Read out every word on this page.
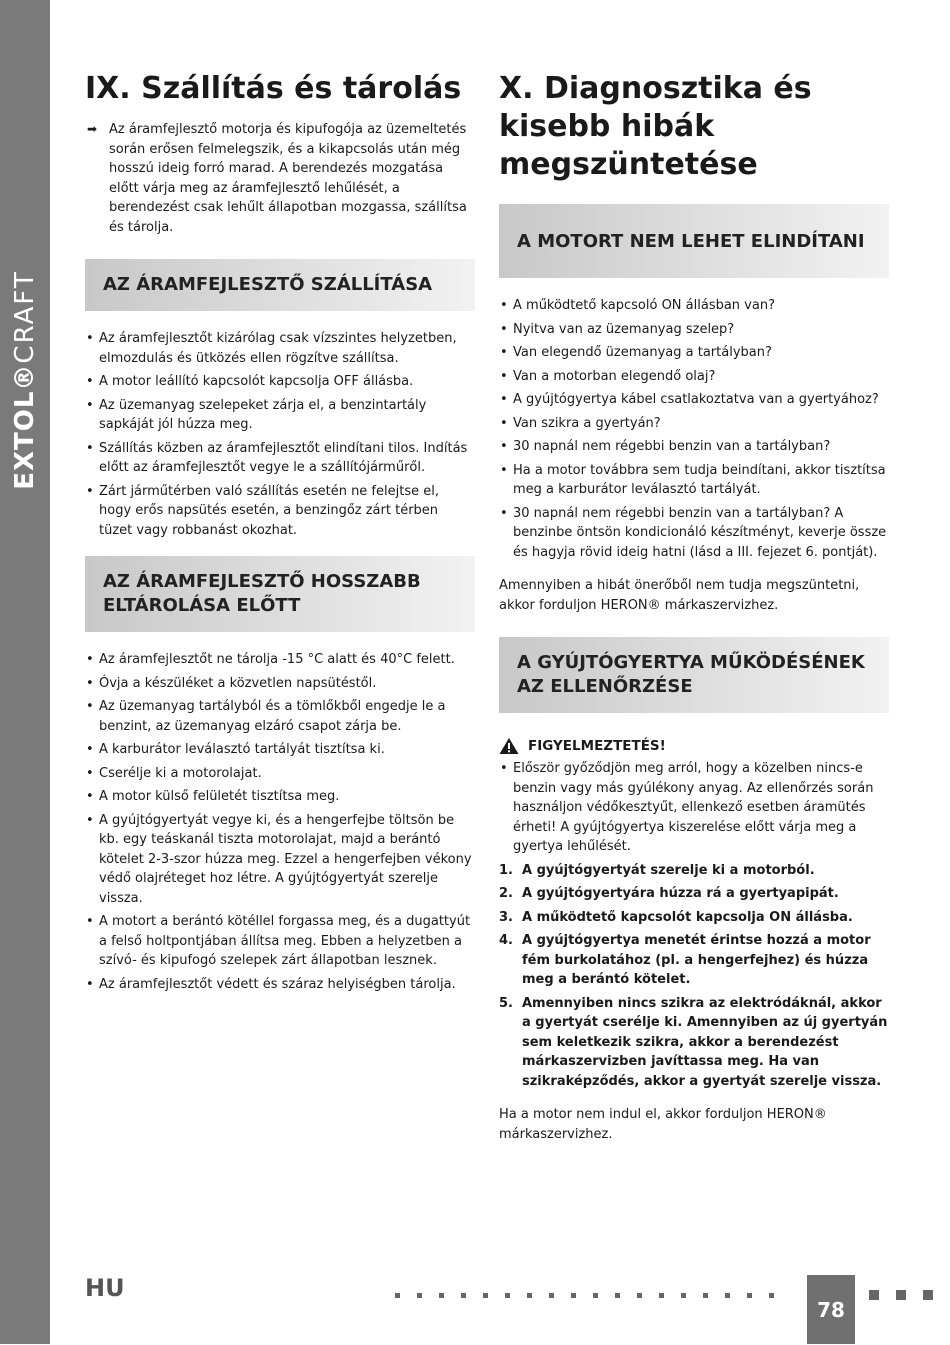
EXTOL®CRAFT
IX. Szállítás és tárolás
➡ Az áramfejlesztő motorja és kipufogója az üzemeltetés során erősen felmelegszik, és a kikapcsolás után még hosszú ideig forró marad. A berendezés mozgatása előtt várja meg az áramfejlesztő lehűlését, a berendezést csak lehűlt állapotban mozgassa, szállítsa és tárolja.
AZ ÁRAMFEJLESZTŐ SZÁLLÍTÁSA
• Az áramfejlesztőt kizárólag csak vízszintes helyzetben, elmozdulás és ütközés ellen rögzítve szállítsa.
• A motor leállító kapcsolót kapcsolja OFF állásba.
• Az üzemanyag szelepeket zárja el, a benzintartály sapkáját jól húzza meg.
• Szállítás közben az áramfejlesztőt elindítani tilos. Indítás előtt az áramfejlesztőt vegye le a szállítójárműről.
• Zárt járműtérben való szállítás esetén ne felejtse el, hogy erős napsütés esetén, a benzingőz zárt térben tüzet vagy robbanást okozhat.
AZ ÁRAMFEJLESZTŐ HOSSZABB ELTÁROLÁSA ELŐTT
• Az áramfejlesztőt ne tárolja -15 °C alatt és 40°C felett.
• Óvja a készüléket a közvetlen napsütéstől.
• Az üzemanyag tartályból és a tömlőkből engedje le a benzint, az üzemanyag elzáró csapot zárja be.
• A karburátor leválasztó tartályát tisztítsa ki.
• Cserélje ki a motorolajat.
• A motor külső felületét tisztítsa meg.
• A gyújtógyertyát vegye ki, és a hengerfejbe töltsön be kb. egy teáskanál tiszta motorolajat, majd a berántó kötelet 2-3-szor húzza meg. Ezzel a hengerfejben vékony védő olajréteget hoz létre. A gyújtógyertyát szerelje vissza.
• A motort a berántó kötéllel forgassa meg, és a dugattyút a felső holtpontjában állítsa meg. Ebben a helyzetben a szívó- és kipufogó szelepek zárt állapotban lesznek.
• Az áramfejlesztőt védett és száraz helyiségben tárolja.
X. Diagnosztika és kisebb hibák megszüntetése
A MOTORT NEM LEHET ELINDÍTANI
• A működtető kapcsoló ON állásban van?
• Nyitva van az üzemanyag szelep?
• Van elegendő üzemanyag a tartályban?
• Van a motorban elegendő olaj?
• A gyújtógyertya kábel csatlakoztatva van a gyertyához?
• Van szikra a gyertyán?
• 30 napnál nem régebbi benzin van a tartályban?
• Ha a motor továbbra sem tudja beindítani, akkor tisztítsa meg a karburátor leválasztó tartályát.
• 30 napnál nem régebbi benzin van a tartályban? A benzinbe öntsön kondicionáló készítményt, keverje össze és hagyja rövid ideig hatni (lásd a III. fejezet 6. pontját).

Amennyiben a hibát önerőből nem tudja megszüntetni, akkor forduljon HERON® márkaszervizhez.

A GYÚJTÓGYERTYA MŰKÖDÉSÉNEK AZ ELLENŐRZÉSE
FIGYELMEZTETÉS!
• Először győződjön meg arról, hogy a közelben nincs-e benzin vagy más gyúlékony anyag. Az ellenőrzés során használjon védőkesztyűt, ellenkező esetben áramütés érheti! A gyújtógyertya kiszerelése előtt várja meg a gyertya lehűlését.
1. A gyújtógyertyát szerelje ki a motorból.
2. A gyújtógyertyára húzza rá a gyertyapipát.
3. A működtető kapcsolót kapcsolja ON állásba.
4. A gyújtógyertya menetét érintse hozzá a motor fém burkolatához (pl. a hengerfejhez) és húzza meg a berántó kötelet.
5. Amennyiben nincs szikra az elektródáknál, akkor a gyertyát cserélje ki. Amennyiben az új gyertyán sem keletkezik szikra, akkor a berendezést márkaszervizben javíttassa meg. Ha van szikraképződés, akkor a gyertyát szerelje vissza.

Ha a motor nem indul el, akkor forduljon HERON® márkaszervizhez.

HU
78
